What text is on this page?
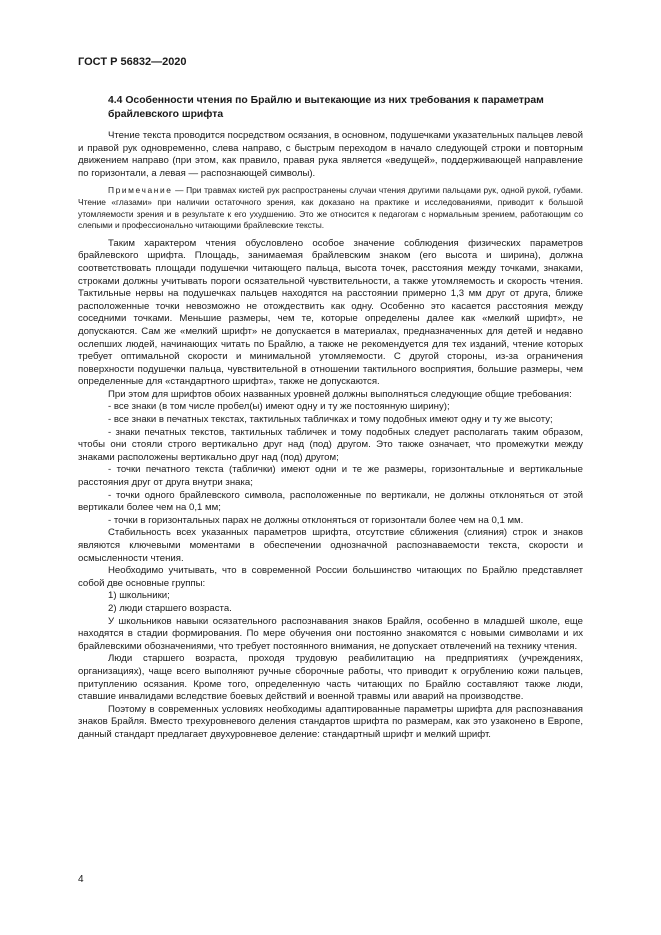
ГОСТ Р 56832—2020
4.4 Особенности чтения по Брайлю и вытекающие из них требования к параметрам брайлевского шрифта

Чтение текста проводится посредством осязания, в основном, подушечками указательных пальцев левой и правой рук одновременно, слева направо, с быстрым переходом в начало следующей строки и повторным движением направо (при этом, как правило, правая рука является «ведущей», поддерживающей направление по горизонтали, а левая — распознающей символы).

Примечание — При травмах кистей рук распространены случаи чтения другими пальцами рук, одной рукой, губами. Чтение «глазами» при наличии остаточного зрения, как доказано на практике и исследованиями, приводит к большой утомляемости зрения и в результате к его ухудшению. Это же относится к педагогам с нормальным зрением, работающим со слепыми и профессионально читающими брайлевские тексты.

Таким характером чтения обусловлено особое значение соблюдения физических параметров брайлевского шрифта. Площадь, занимаемая брайлевским знаком (его высота и ширина), должна соответствовать площади подушечки читающего пальца, высота точек, расстояния между точками, знаками, строками должны учитывать пороги осязательной чувствительности, а также утомляемость и скорость чтения. Тактильные нервы на подушечках пальцев находятся на расстоянии примерно 1,3 мм друг от друга, ближе расположенные точки невозможно не отождествить как одну. Особенно это касается расстояния между соседними точками. Меньшие размеры, чем те, которые определены далее как «мелкий шрифт», не допускаются. Сам же «мелкий шрифт» не допускается в материалах, предназначенных для детей и недавно ослепших людей, начинающих читать по Брайлю, а также не рекомендуется для тех изданий, чтение которых требует оптимальной скорости и минимальной утомляемости. С другой стороны, из-за ограничения поверхности подушечки пальца, чувствительной в отношении тактильного восприятия, большие размеры, чем определенные для «стандартного шрифта», также не допускаются.

При этом для шрифтов обоих названных уровней должны выполняться следующие общие требования:

- все знаки (в том числе пробел(ы) имеют одну и ту же постоянную ширину);

- все знаки в печатных текстах, тактильных табличках и тому подобных имеют одну и ту же высоту;

- знаки печатных текстов, тактильных табличек и тому подобных следует располагать таким образом, чтобы они стояли строго вертикально друг над (под) другом. Это также означает, что промежутки между знаками расположены вертикально друг над (под) другом;

- точки печатного текста (таблички) имеют одни и те же размеры, горизонтальные и вертикальные расстояния друг от друга внутри знака;

- точки одного брайлевского символа, расположенные по вертикали, не должны отклоняться от этой вертикали более чем на 0,1 мм;

- точки в горизонтальных парах не должны отклоняться от горизонтали более чем на 0,1 мм.

Стабильность всех указанных параметров шрифта, отсутствие сближения (слияния) строк и знаков являются ключевыми моментами в обеспечении однозначной распознаваемости текста, скорости и осмысленности чтения.

Необходимо учитывать, что в современной России большинство читающих по Брайлю представляет собой две основные группы:

1) школьники;

2) люди старшего возраста.

У школьников навыки осязательного распознавания знаков Брайля, особенно в младшей школе, еще находятся в стадии формирования. По мере обучения они постоянно знакомятся с новыми символами и их брайлевскими обозначениями, что требует постоянного внимания, не допускает отвлечений на технику чтения.

Люди старшего возраста, проходя трудовую реабилитацию на предприятиях (учреждениях, организациях), чаще всего выполняют ручные сборочные работы, что приводит к огрублению кожи пальцев, притуплению осязания. Кроме того, определенную часть читающих по Брайлю составляют также люди, ставшие инвалидами вследствие боевых действий и военной травмы или аварий на производстве.

Поэтому в современных условиях необходимы адаптированные параметры шрифта для распознавания знаков Брайля. Вместо трехуровневого деления стандартов шрифта по размерам, как это узаконено в Европе, данный стандарт предлагает двухуровневое деление: стандартный шрифт и мелкий шрифт.

4
